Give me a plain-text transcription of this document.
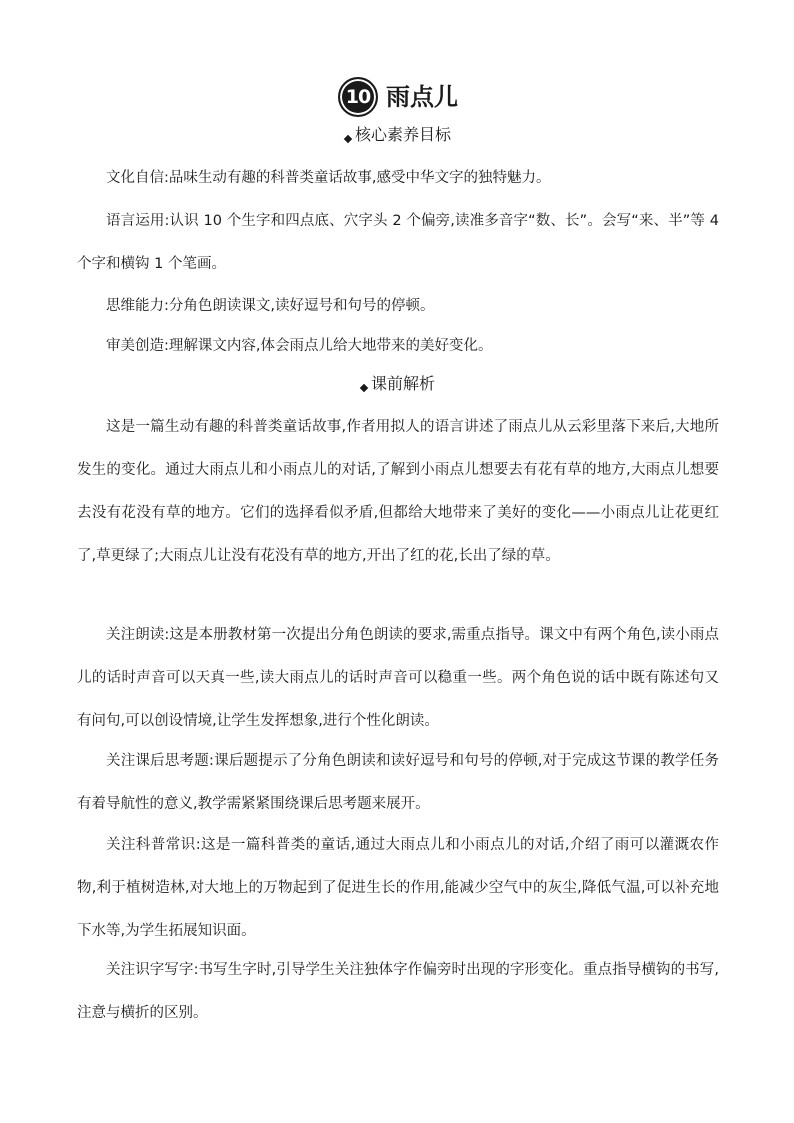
10 雨点儿
核心素养目标

文化自信:品味生动有趣的科普类童话故事,感受中华文字的独特魅力。

语言运用:认识 10 个生字和四点底、穴字头 2 个偏旁,读准多音字“数、长”。会写“来、半”等 4 个字和横钩 1 个笔画。

思维能力:分角色朗读课文,读好逗号和句号的停顿。

审美创造:理解课文内容,体会雨点儿给大地带来的美好变化。

课前解析

这是一篇生动有趣的科普类童话故事,作者用拟人的语言讲述了雨点儿从云彩里落下来后,大地所发生的变化。通过大雨点儿和小雨点儿的对话,了解到小雨点儿想要去有花有草的地方,大雨点儿想要去没有花没有草的地方。它们的选择看似矛盾,但都给大地带来了美好的变化——小雨点儿让花更红了,草更绿了;大雨点儿让没有花没有草的地方,开出了红的花,长出了绿的草。

关注朗读:这是本册教材第一次提出分角色朗读的要求,需重点指导。课文中有两个角色,读小雨点儿的话时声音可以天真一些,读大雨点儿的话时声音可以稳重一些。两个角色说的话中既有陈述句又有问句,可以创设情境,让学生发挥想象,进行个性化朗读。

关注课后思考题:课后题提示了分角色朗读和读好逗号和句号的停顿,对于完成这节课的教学任务有着导航性的意义,教学需紧紧围绕课后思考题来展开。

关注科普常识:这是一篇科普类的童话,通过大雨点儿和小雨点儿的对话,介绍了雨可以灌溉农作物,利于植树造林,对大地上的万物起到了促进生长的作用,能减少空气中的灰尘,降低气温,可以补充地下水等,为学生拓展知识面。

关注识字写字:书写生字时,引导学生关注独体字作偏旁时出现的字形变化。重点指导横钩的书写,注意与横折的区别。
